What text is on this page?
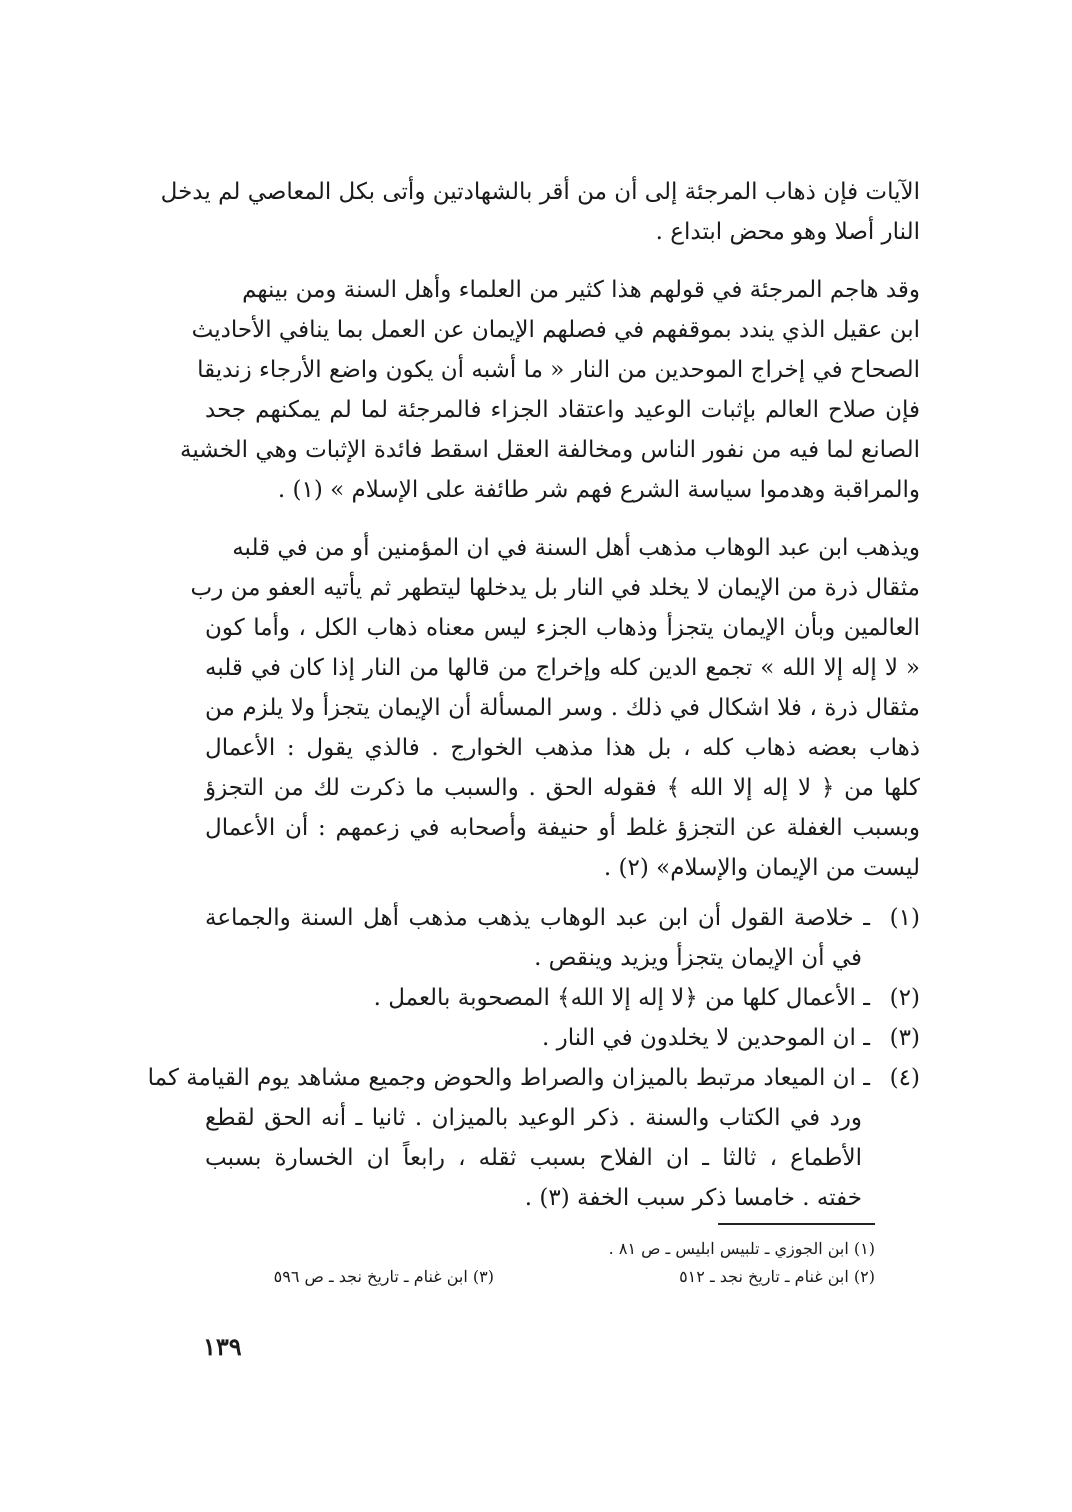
الآيات فإن ذهاب المرجئة إلى أن من أقر بالشهادتين وأتى بكل المعاصي لم يدخل
النار أصلا وهو محض ابتداع .
وقد هاجم المرجئة في قولهم هذا كثير من العلماء وأهل السنة ومن بينهم
ابن عقيل الذي يندد بموقفهم في فصلهم الإيمان عن العمل بما ينافي الأحاديث
الصحاح في إخراج الموحدين من النار « ما أشبه أن يكون واضع الأرجاء زنديقا
فإن صلاح العالم بإثبات الوعيد واعتقاد الجزاء فالمرجئة لما لم يمكنهم جحد
الصانع لما فيه من نفور الناس ومخالفة العقل اسقط فائدة الإثبات وهي الخشية
والمراقبة وهدموا سياسة الشرع فهم شر طائفة على الإسلام » (١) .
ويذهب ابن عبد الوهاب مذهب أهل السنة في ان المؤمنين أو من في قلبه
مثقال ذرة من الإيمان لا يخلد في النار بل يدخلها ليتطهر ثم يأتيه العفو من رب
العالمين وبأن الإيمان يتجزأ وذهاب الجزء ليس معناه ذهاب الكل ، وأما كون
« لا إله إلا الله » تجمع الدين كله وإخراج من قالها من النار إذا كان في قلبه
مثقال ذرة ، فلا اشكال في ذلك . وسر المسألة أن الإيمان يتجزأ ولا يلزم من
ذهاب بعضه ذهاب كله ، بل هذا مذهب الخوارج . فالذي يقول : الأعمال
كلها من ﴿ لا إله إلا الله ﴾ فقوله الحق . والسبب ما ذكرت لك من التجزؤ
وبسبب الغفلة عن التجزؤ غلط أو حنيفة وأصحابه في زعمهم : أن الأعمال
ليست من الإيمان والإسلام» (٢) .
(١)
ـ خلاصة القول أن ابن عبد الوهاب يذهب مذهب أهل السنة والجماعة
في أن الإيمان يتجزأ ويزيد وينقص .
(٢)
ـ الأعمال كلها من ﴿لا إله إلا الله﴾ المصحوبة بالعمل .
(٣)
ـ ان الموحدين لا يخلدون في النار .
(٤)
ـ ان الميعاد مرتبط بالميزان والصراط والحوض وجميع مشاهد يوم القيامة كما
ورد في الكتاب والسنة . ذكر الوعيد بالميزان . ثانيا ـ أنه الحق لقطع
الأطماع ، ثالثا ـ ان الفلاح بسبب ثقله ، رابعاً ان الخسارة بسبب
خفته . خامسا ذكر سبب الخفة (٣) .
(١) ابن الجوزي ـ تلبيس ابليس ـ ص ٨١ .
(٢) ابن غنام ـ تاريخ نجد ـ ٥١٢
(٣) ابن غنام ـ تاريخ نجد ـ ص ٥٩٦
١٣٩
